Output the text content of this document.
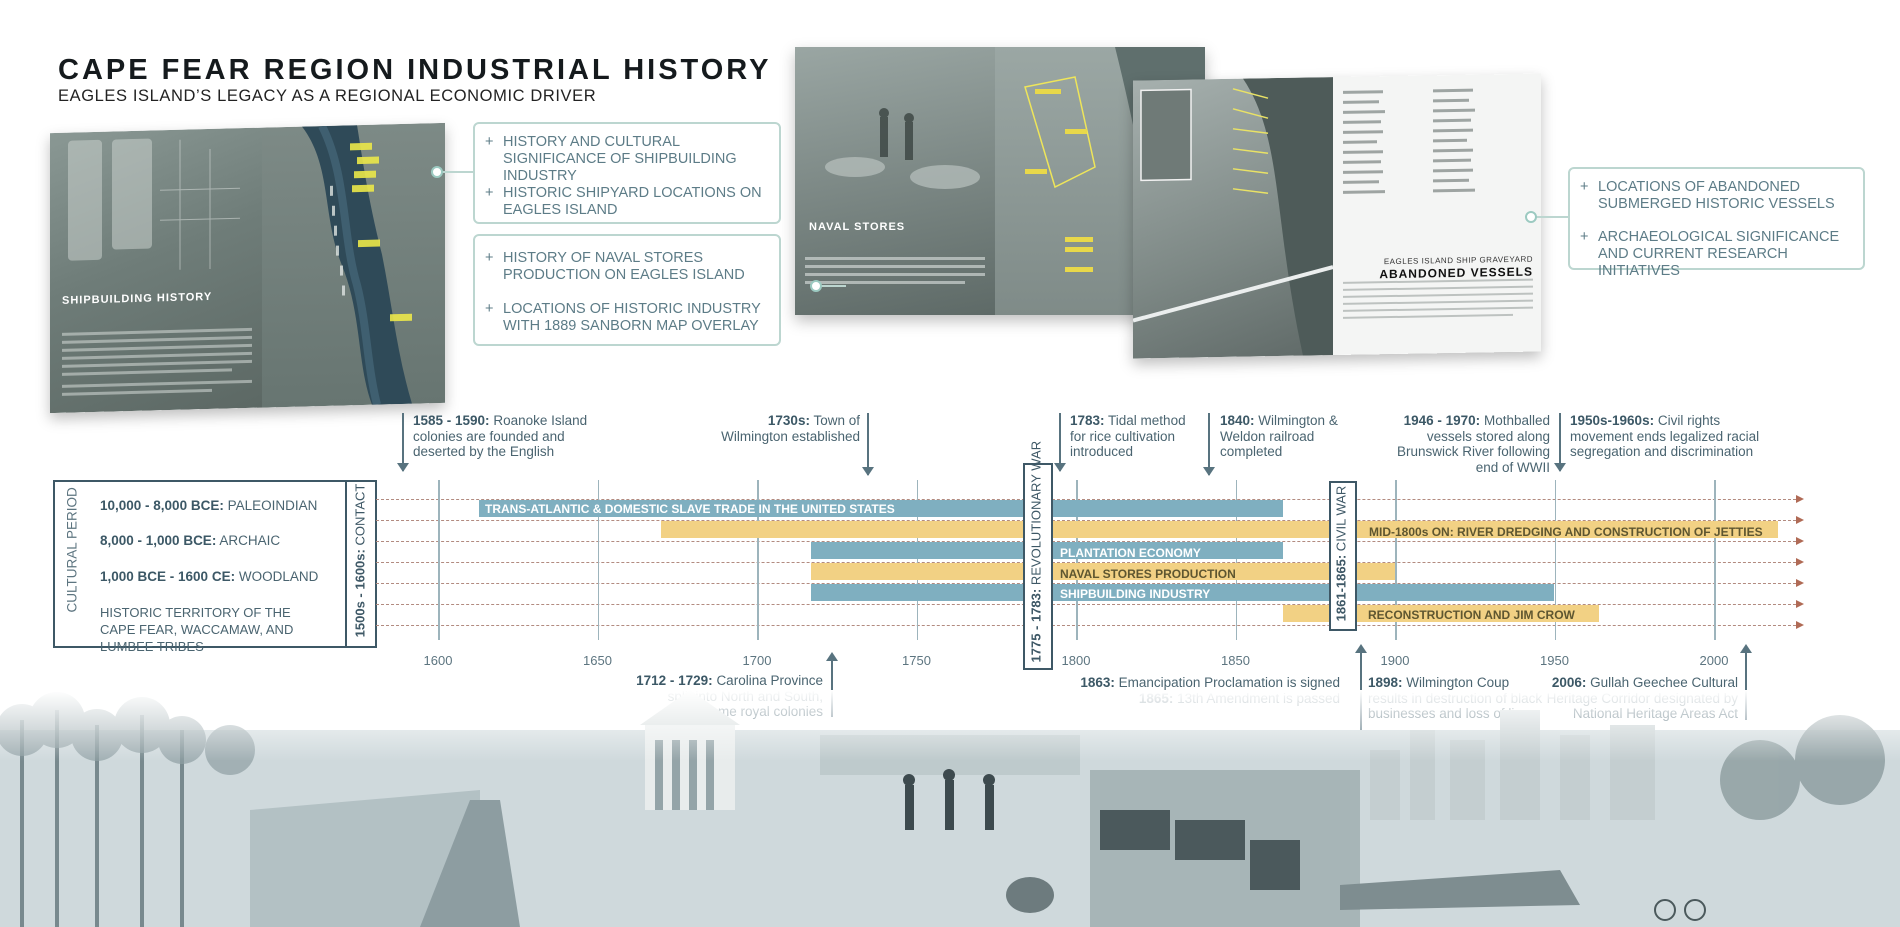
CAPE FEAR REGION INDUSTRIAL HISTORY
EAGLES ISLAND’S LEGACY AS A REGIONAL ECONOMIC DRIVER
SHIPBUILDING HISTORY
NAVAL STORES
EAGLES ISLAND SHIP GRAVEYARD
ABANDONED VESSELS
+ HISTORY AND CULTURAL SIGNIFICANCE OF SHIPBUILDING INDUSTRY
+ HISTORIC SHIPYARD LOCATIONS ON EAGLES ISLAND
+ HISTORY OF NAVAL STORES PRODUCTION ON EAGLES ISLAND
+ LOCATIONS OF HISTORIC INDUSTRY WITH 1889 SANBORN MAP OVERLAY
+ LOCATIONS OF ABANDONED SUBMERGED HISTORIC VESSELS
+ ARCHAEOLOGICAL SIGNIFICANCE AND CURRENT RESEARCH INITIATIVES
1585 - 1590: Roanoke Island colonies are founded and deserted by the English
1730s: Town of Wilmington established
1783: Tidal method for rice cultivation introduced
1840: Wilmington & Weldon railroad completed
1946 - 1970: Mothballed vessels stored along Brunswick River following end of WWII
1950s-1960s: Civil rights movement ends legalized racial segregation and discrimination
CULTURAL PERIOD 10,000 - 8,000 BCE: PALEOINDIAN
8,000 - 1,000 BCE: ARCHAIC
1,000 BCE - 1600 CE: WOODLAND
HISTORIC TERRITORY OF THE CAPE FEAR, WACCAMAW, AND LUMBEE TRIBES
1500s - 1600s: CONTACT
1600	1650	1700	1750	1800	1850	1900	1950	2000
TRANS-ATLANTIC & DOMESTIC SLAVE TRADE IN THE UNITED STATES
MID-1800s ON: RIVER DREDGING AND CONSTRUCTION OF JETTIES
PLANTATION ECONOMY
NAVAL STORES PRODUCTION
SHIPBUILDING INDUSTRY
RECONSTRUCTION AND JIM CROW
1775 - 1783: REVOLUTIONARY WAR
1861-1865: CIVIL WAR
1712 - 1729: Carolina Province	1863: Emancipation Proclamation is signed 1898: Wilmington Coup	2006: Gullah Geechee Cultural
